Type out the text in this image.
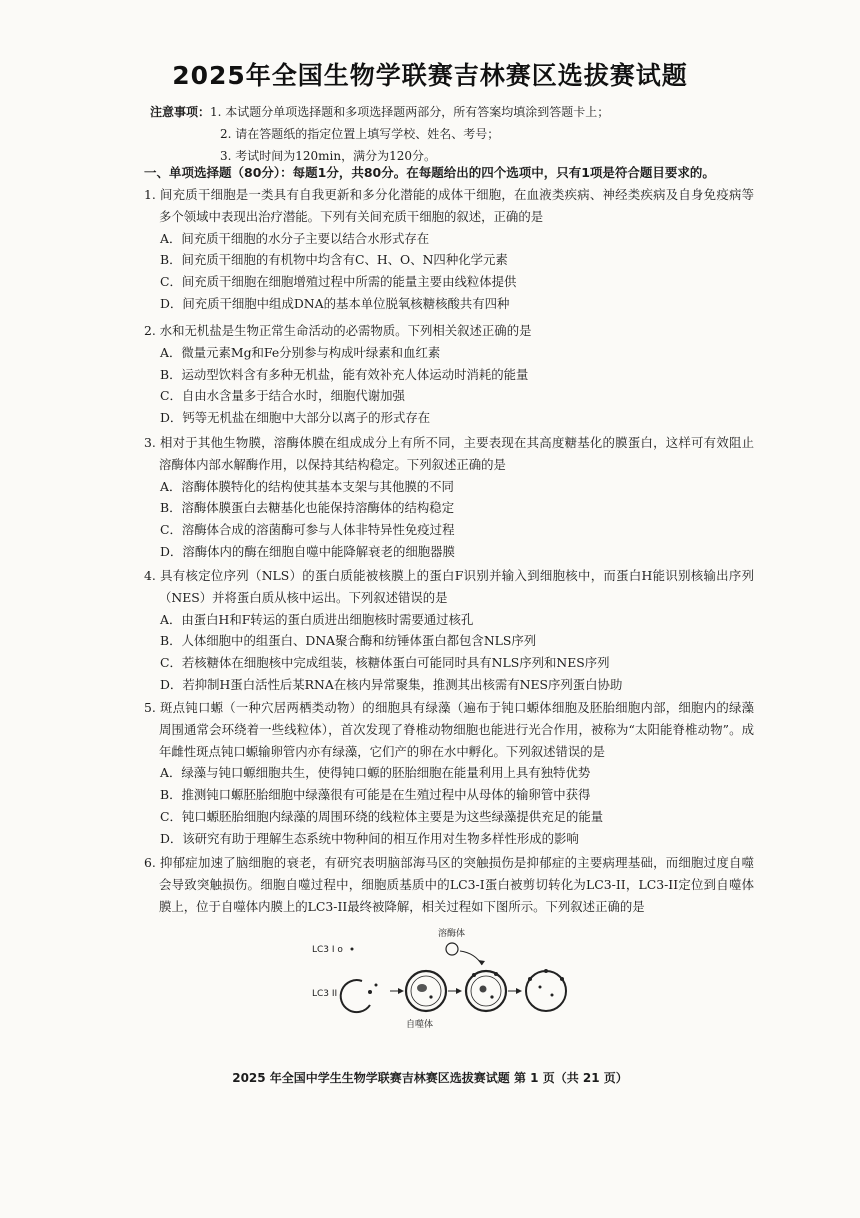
2025年全国生物学联赛吉林赛区选拔赛试题
注意事项：1. 本试题分单项选择题和多项选择题两部分，所有答案均填涂到答题卡上；
2. 请在答题纸的指定位置上填写学校、姓名、考号；
3. 考试时间为120min，满分为120分。
一、单项选择题（80分）：每题1分，共80分。在每题给出的四个选项中，只有1项是符合题目要求的。
1. 间充质干细胞是一类具有自我更新和多分化潜能的成体干细胞，在血液类疾病、神经类疾病及自身免疫病等多个领域中表现出治疗潜能。下列有关间充质干细胞的叙述，正确的是
A．间充质干细胞的水分子主要以结合水形式存在
B．间充质干细胞的有机物中均含有C、H、O、N四种化学元素
C．间充质干细胞在细胞增殖过程中所需的能量主要由线粒体提供
D．间充质干细胞中组成DNA的基本单位脱氧核糖核酸共有四种
2. 水和无机盐是生物正常生命活动的必需物质。下列相关叙述正确的是
A．微量元素Mg和Fe分别参与构成叶绿素和血红素
B．运动型饮料含有多种无机盐，能有效补充人体运动时消耗的能量
C．自由水含量多于结合水时，细胞代谢加强
D．钙等无机盐在细胞中大部分以离子的形式存在
3. 相对于其他生物膜，溶酶体膜在组成成分上有所不同，主要表现在其高度糖基化的膜蛋白，这样可有效阻止溶酶体内部水解酶作用，以保持其结构稳定。下列叙述正确的是
A．溶酶体膜特化的结构使其基本支架与其他膜的不同
B．溶酶体膜蛋白去糖基化也能保持溶酶体的结构稳定
C．溶酶体合成的溶菌酶可参与人体非特异性免疫过程
D．溶酶体内的酶在细胞自噬中能降解衰老的细胞器膜
4. 具有核定位序列（NLS）的蛋白质能被核膜上的蛋白F识别并输入到细胞核中，而蛋白H能识别核输出序列（NES）并将蛋白质从核中运出。下列叙述错误的是
A．由蛋白H和F转运的蛋白质进出细胞核时需要通过核孔
B．人体细胞中的组蛋白、DNA聚合酶和纺锤体蛋白都包含NLS序列
C．若核糖体在细胞核中完成组装，核糖体蛋白可能同时具有NLS序列和NES序列
D．若抑制H蛋白活性后某RNA在核内异常聚集，推测其出核需有NES序列蛋白协助
5. 斑点钝口螈（一种穴居两栖类动物）的细胞具有绿藻（遍布于钝口螈体细胞及胚胎细胞内部，细胞内的绿藻周围通常会环绕着一些线粒体），首次发现了脊椎动物细胞也能进行光合作用，被称为“太阳能脊椎动物”。成年雌性斑点钝口螈输卵管内亦有绿藻，它们产的卵在水中孵化。下列叙述错误的是
A．绿藻与钝口螈细胞共生，使得钝口螈的胚胎细胞在能量利用上具有独特优势
B．推测钝口螈胚胎细胞中绿藻很有可能是在生殖过程中从母体的输卵管中获得
C．钝口螈胚胎细胞内绿藻的周围环绕的线粒体主要是为这些绿藻提供充足的能量
D．该研究有助于理解生态系统中物种间的相互作用对生物多样性形成的影响
6. 抑郁症加速了脑细胞的衰老，有研究表明脑部海马区的突触损伤是抑郁症的主要病理基础，而细胞过度自噬会导致突触损伤。细胞自噬过程中，细胞质基质中的LC3-I蛋白被剪切转化为LC3-II，LC3-II定位到自噬体膜上，位于自噬体内膜上的LC3-II最终被降解，相关过程如下图所示。下列叙述正确的是
溶酶体
LC3 I o
LC3 II
自噬体
2025 年全国中学生生物学联赛吉林赛区选拔赛试题 第 1 页（共 21 页）
